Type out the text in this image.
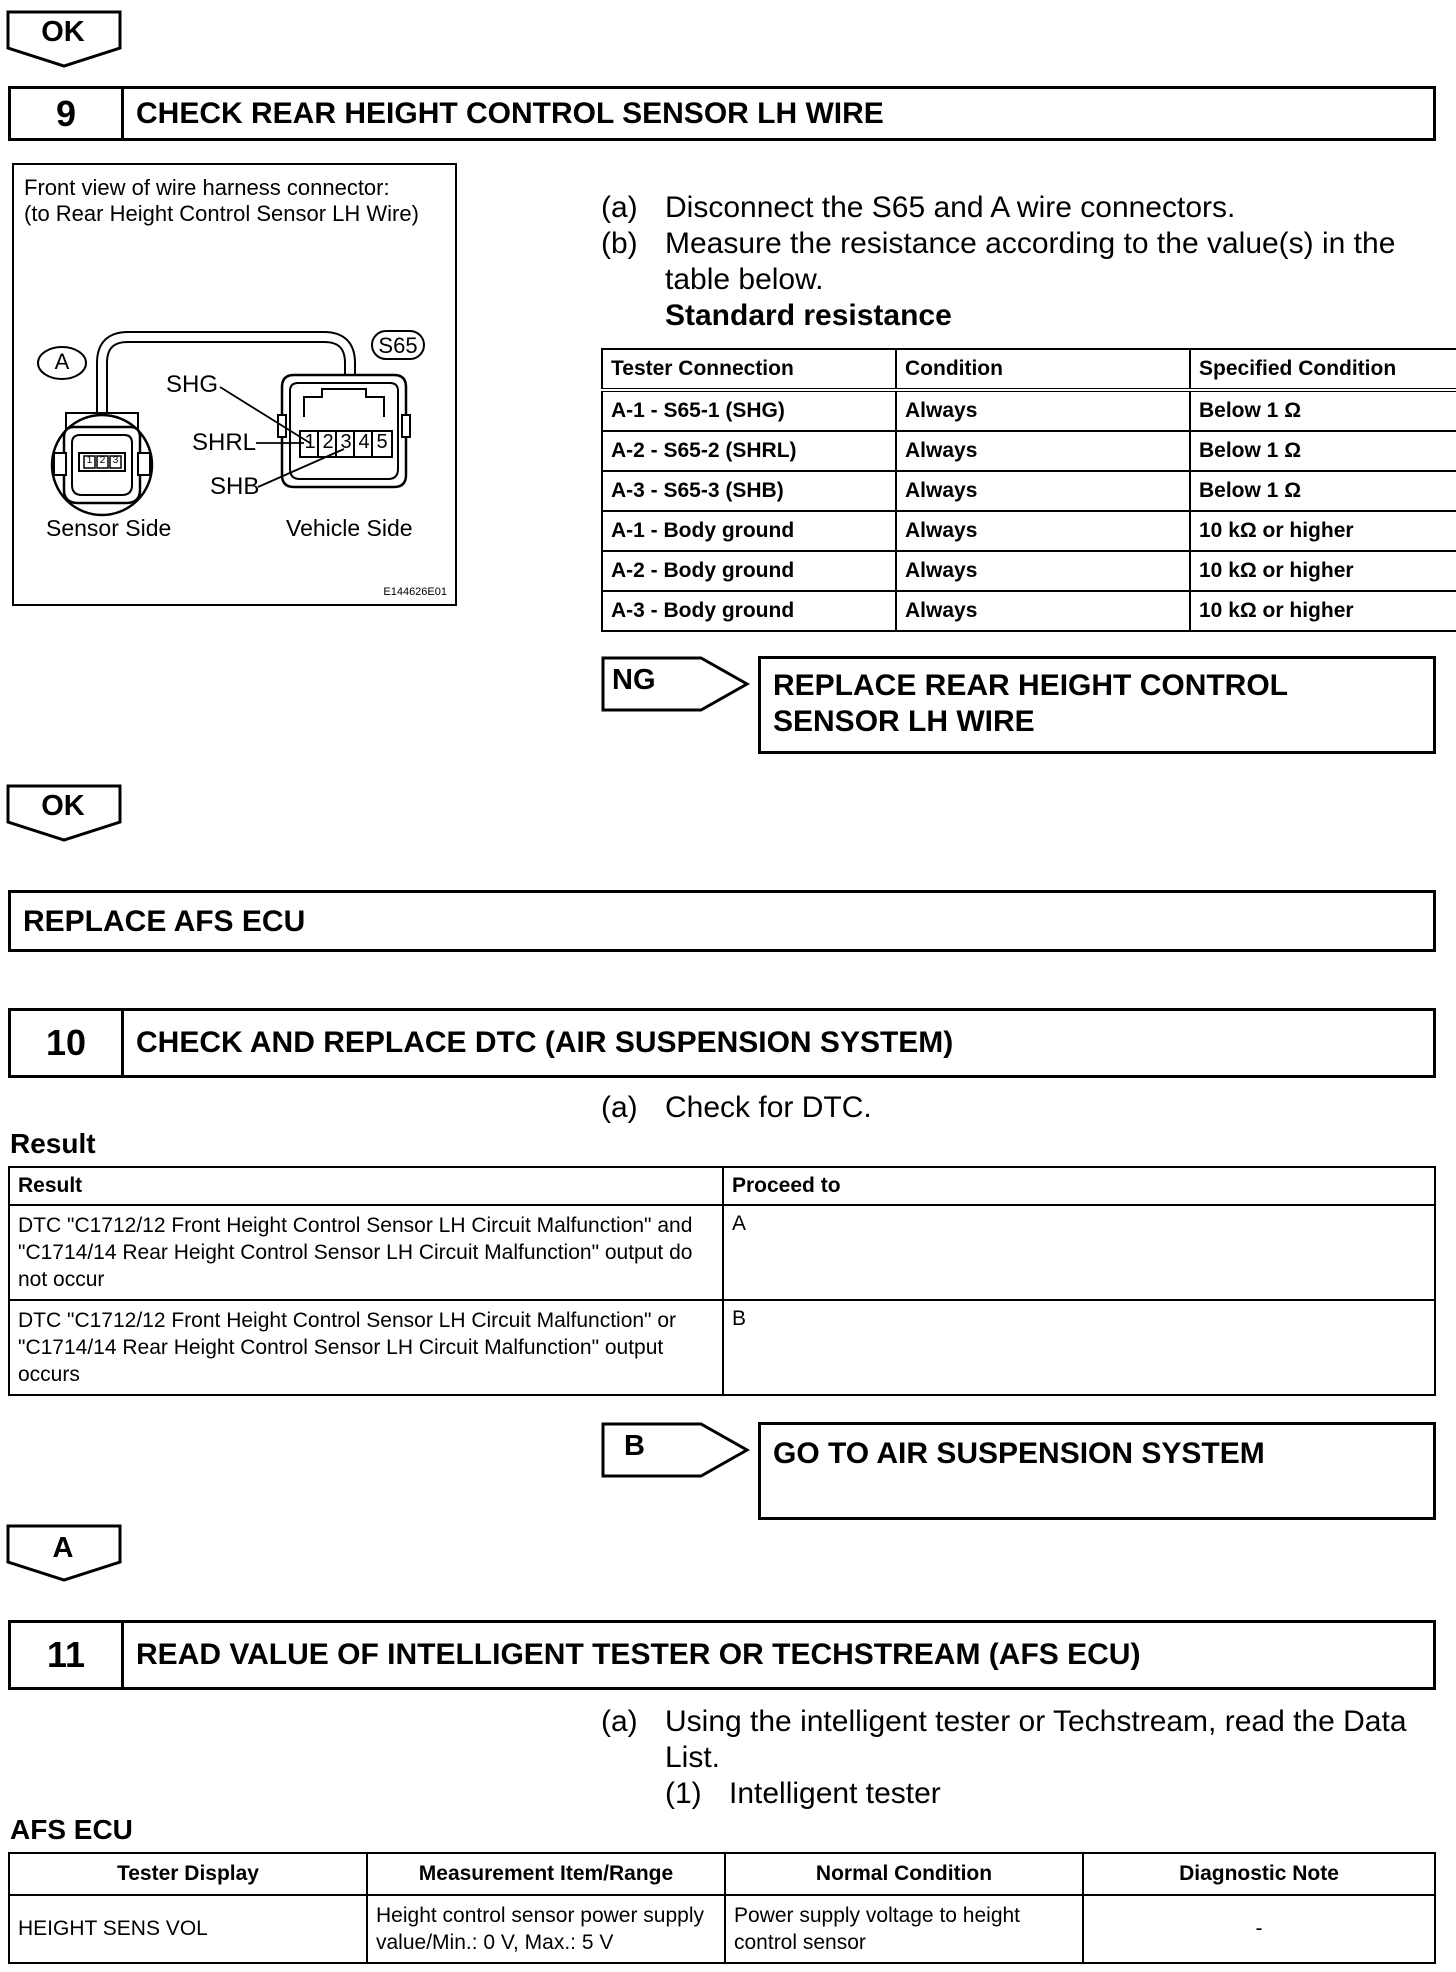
OK
9	CHECK REAR HEIGHT CONTROL SENSOR LH WIRE
Front view of wire harness connector:
(to Rear Height Control Sensor LH Wire)
A
S65
SHG
SHRL
SHB
1 2 3 4 5
1 2 3
Sensor Side	Vehicle Side
E144626E01
(a) Disconnect the S65 and A wire connectors.
(b) Measure the resistance according to the value(s) in the
table below.
Standard resistance
Tester Connection	Condition	Specified Condition
A-1 - S65-1 (SHG)	Always	Below 1 Ω
A-2 - S65-2 (SHRL)	Always	Below 1 Ω
A-3 - S65-3 (SHB)	Always	Below 1 Ω
A-1 - Body ground	Always	10 kΩ or higher
A-2 - Body ground	Always	10 kΩ or higher
A-3 - Body ground	Always	10 kΩ or higher
NG	REPLACE REAR HEIGHT CONTROL
SENSOR LH WIRE
OK
REPLACE AFS ECU
10	CHECK AND REPLACE DTC (AIR SUSPENSION SYSTEM)
(a) Check for DTC.
Result
Result	Proceed to
DTC "C1712/12 Front Height Control Sensor LH Circuit Malfunction" and "C1714/14 Rear Height Control Sensor LH Circuit Malfunction" output do not occur	A
DTC "C1712/12 Front Height Control Sensor LH Circuit Malfunction" or "C1714/14 Rear Height Control Sensor LH Circuit Malfunction" output occurs	B
B	GO TO AIR SUSPENSION SYSTEM
A
11	READ VALUE OF INTELLIGENT TESTER OR TECHSTREAM (AFS ECU)
(a) Using the intelligent tester or Techstream, read the Data
List.
(1) Intelligent tester
AFS ECU
Tester Display	Measurement Item/Range	Normal Condition	Diagnostic Note
HEIGHT SENS VOL	Height control sensor power supply value/Min.: 0 V, Max.: 5 V	Power supply voltage to height control sensor	-
